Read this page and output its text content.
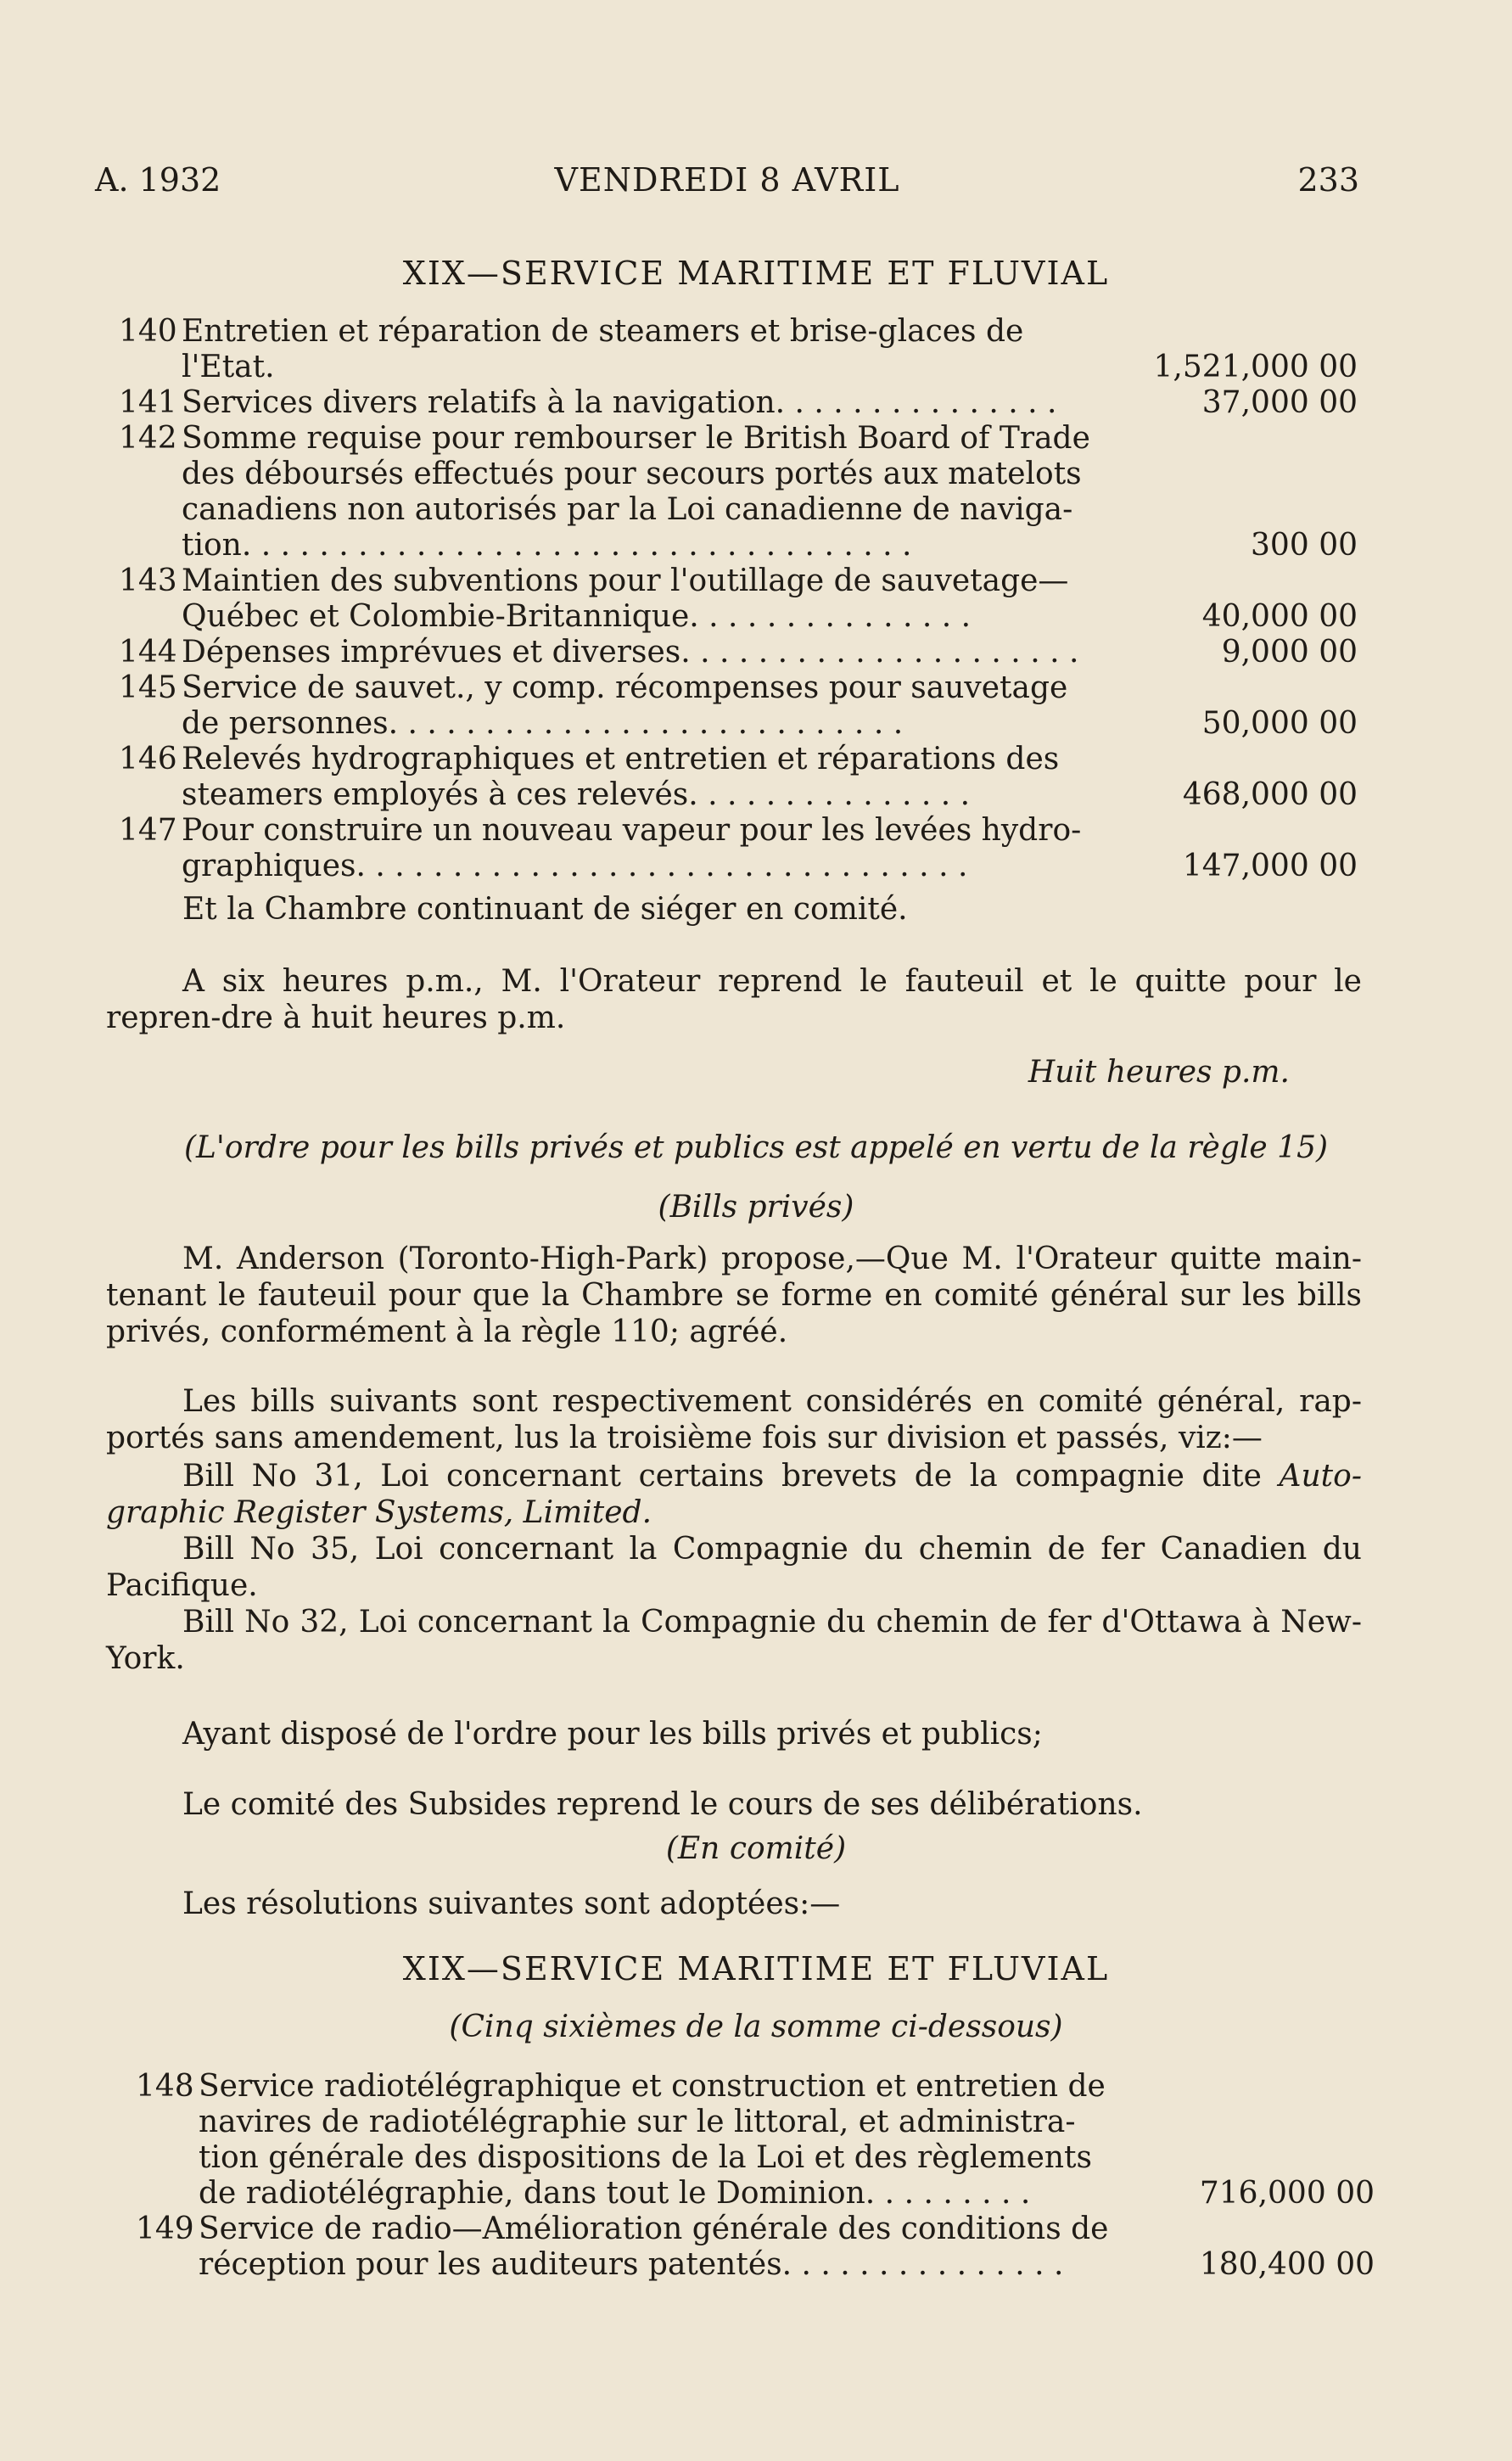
A. 1932	VENDREDI 8 AVRIL	233
XIX—SERVICE MARITIME ET FLUVIAL
140 Entretien et réparation de steamers et brise-glaces de l'Etat.	1,521,000 00
141 Services divers relatifs à la navigation. . . . . . . . . . . . . . .	37,000 00
142 Somme requise pour rembourser le British Board of Trade des déboursés effectués pour secours portés aux matelots canadiens non autorisés par la Loi canadienne de naviga-tion. . . . . . . . . . . . . . . . . . . . . . . . . . . . . . . . . . .	300 00
143 Maintien des subventions pour l'outillage de sauvetage—Québec et Colombie-Britannique. . . . . . . . . . . . . . .	40,000 00
144 Dépenses imprévues et diverses. . . . . . . . . . . . . . . . . . . . .	9,000 00
145 Service de sauvet., y comp. récompenses pour sauvetage de personnes. . . . . . . . . . . . . . . . . . . . . . . . . . .	50,000 00
146 Relevés hydrographiques et entretien et réparations des steamers employés à ces relevés. . . . . . . . . . . . . . .	468,000 00
147 Pour construire un nouveau vapeur pour les levées hydro-graphiques. . . . . . . . . . . . . . . . . . . . . . . . . . . . . . . .	147,000 00
Et la Chambre continuant de siéger en comité.
A six heures p.m., M. l'Orateur reprend le fauteuil et le quitte pour le repren-dre à huit heures p.m.
Huit heures p.m.
(L'ordre pour les bills privés et publics est appelé en vertu de la règle 15)
(Bills privés)
M. Anderson (Toronto-High-Park) propose,—Que M. l'Orateur quitte main-tenant le fauteuil pour que la Chambre se forme en comité général sur les bills privés, conformément à la règle 110; agréé.
Les bills suivants sont respectivement considérés en comité général, rap-portés sans amendement, lus la troisième fois sur division et passés, viz:—

Bill No 31, Loi concernant certains brevets de la compagnie dite Auto-graphic Register Systems, Limited.

Bill No 35, Loi concernant la Compagnie du chemin de fer Canadien du Pacifique.

Bill No 32, Loi concernant la Compagnie du chemin de fer d'Ottawa à New-York.

Ayant disposé de l'ordre pour les bills privés et publics;
Le comité des Subsides reprend le cours de ses délibérations.
(En comité)
Les résolutions suivantes sont adoptées:—
XIX—SERVICE MARITIME ET FLUVIAL
(Cinq sixièmes de la somme ci-dessous)
148 Service radiotélégraphique et construction et entretien de navires de radiotélégraphie sur le littoral, et administra-tion générale des dispositions de la Loi et des règlements de radiotélégraphie, dans tout le Dominion. . . . . . . . .	716,000 00
149 Service de radio—Amélioration générale des conditions de réception pour les auditeurs patentés. . . . . . . . . . . . . . .	180,400 00
